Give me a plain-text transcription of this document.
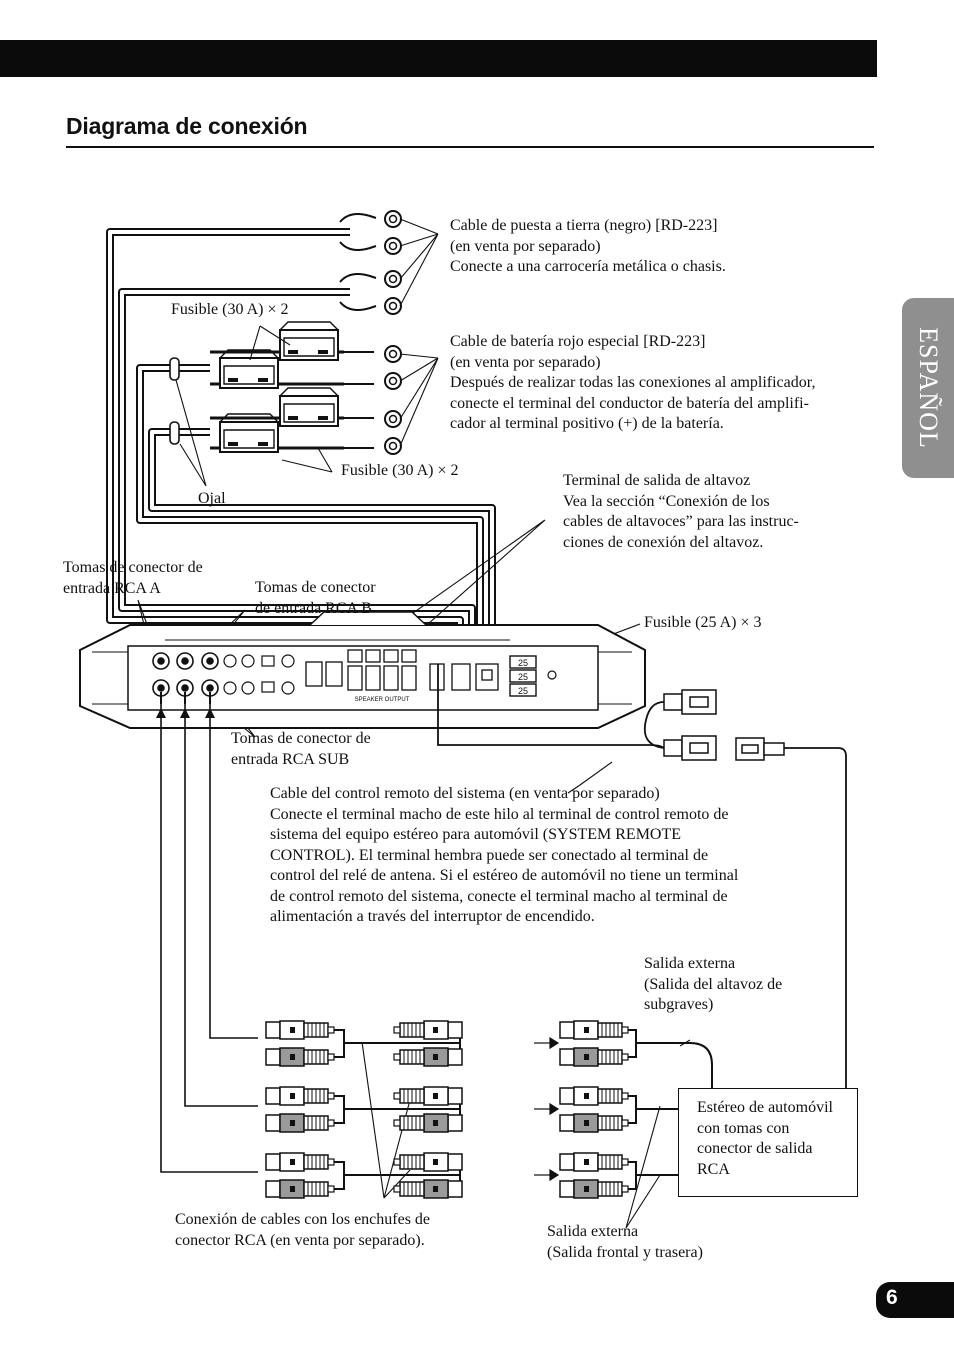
Diagrama de conexión
ESPAÑOL
6
25
25
25
SPEAKER OUTPUT
Cable de puesta a tierra (negro) [RD-223]
(en venta por separado)
Conecte a una carrocería metálica o chasis.
Fusible (30 A) × 2
Cable de batería rojo especial [RD-223]
(en venta por separado)
Después de realizar todas las conexiones al amplificador,
conecte el terminal del conductor de batería del amplifi-
cador al terminal positivo (+) de la batería.
Fusible (30 A) × 2
Ojal
Terminal de salida de altavoz
Vea la sección “Conexión de los
cables de altavoces” para las instruc-
ciones de conexión del altavoz.
Tomas de conector de
entrada RCA A	Tomas de conector
de entrada RCA B
Fusible (25 A) × 3
Tomas de conector de
entrada RCA SUB
Cable del control remoto del sistema (en venta por separado)
Conecte el terminal macho de este hilo al terminal de control remoto de
sistema del equipo estéreo para automóvil (SYSTEM REMOTE
CONTROL). El terminal hembra puede ser conectado al terminal de
control del relé de antena. Si el estéreo de automóvil no tiene un terminal
de control remoto del sistema, conecte el terminal macho al terminal de
alimentación a través del interruptor de encendido.
Salida externa
(Salida del altavoz de
subgraves)
Estéreo de automóvil
con tomas con
conector de salida
RCA
Conexión de cables con los enchufes de
conector RCA (en venta por separado).	Salida externa
(Salida frontal y trasera)
